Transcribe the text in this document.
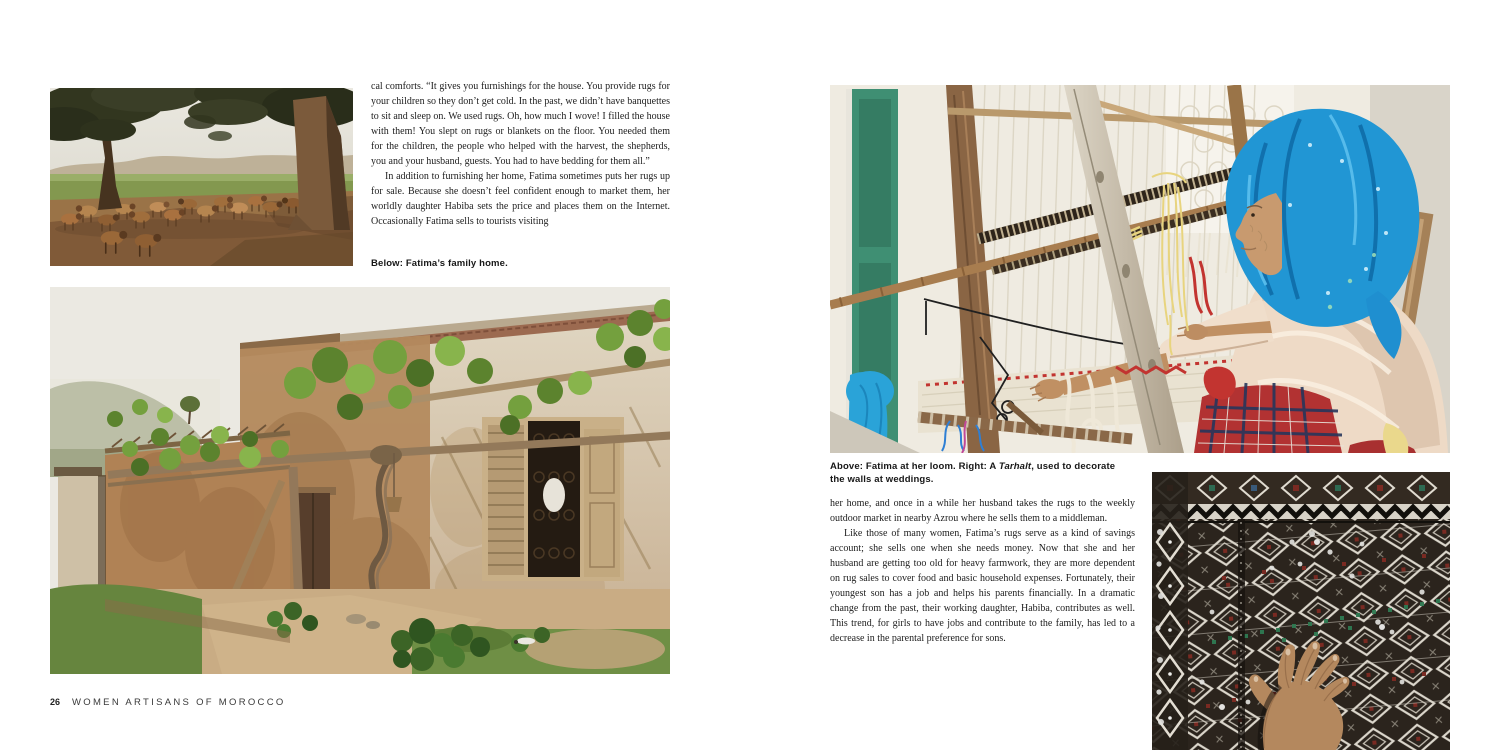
cal comforts. “It gives you furnishings for the house. You provide rugs for your children so they don’t get cold. In the past, we didn’t have banquettes to sit and sleep on. We used rugs. Oh, how much I wove! I filled the house with them! You slept on rugs or blankets on the floor. You needed them for the children, the people who helped with the harvest, the shepherds, you and your husband, guests. You had to have bedding for them all.”

In addition to furnishing her home, Fatima sometimes puts her rugs up for sale. Because she doesn’t feel confident enough to market them, her worldly daughter Habiba sets the price and places them on the Internet. Occasionally Fatima sells to tourists visiting

Below: Fatima’s family home.

26 WOMEN ARTISANS OF MOROCCO

Above: Fatima at her loom. Right: A Tarhalt, used to decorate the walls at weddings.

her home, and once in a while her husband takes the rugs to the weekly outdoor market in nearby Azrou where he sells them to a middleman.

Like those of many women, Fatima’s rugs serve as a kind of savings account; she sells one when she needs money. Now that she and her husband are getting too old for heavy farmwork, they are more dependent on rug sales to cover food and basic household expenses. Fortunately, their youngest son has a job and helps his parents financially. In a dramatic change from the past, their working daughter, Habiba, contributes as well. This trend, for girls to have jobs and contribute to the family, has led to a decrease in the parental preference for sons.
